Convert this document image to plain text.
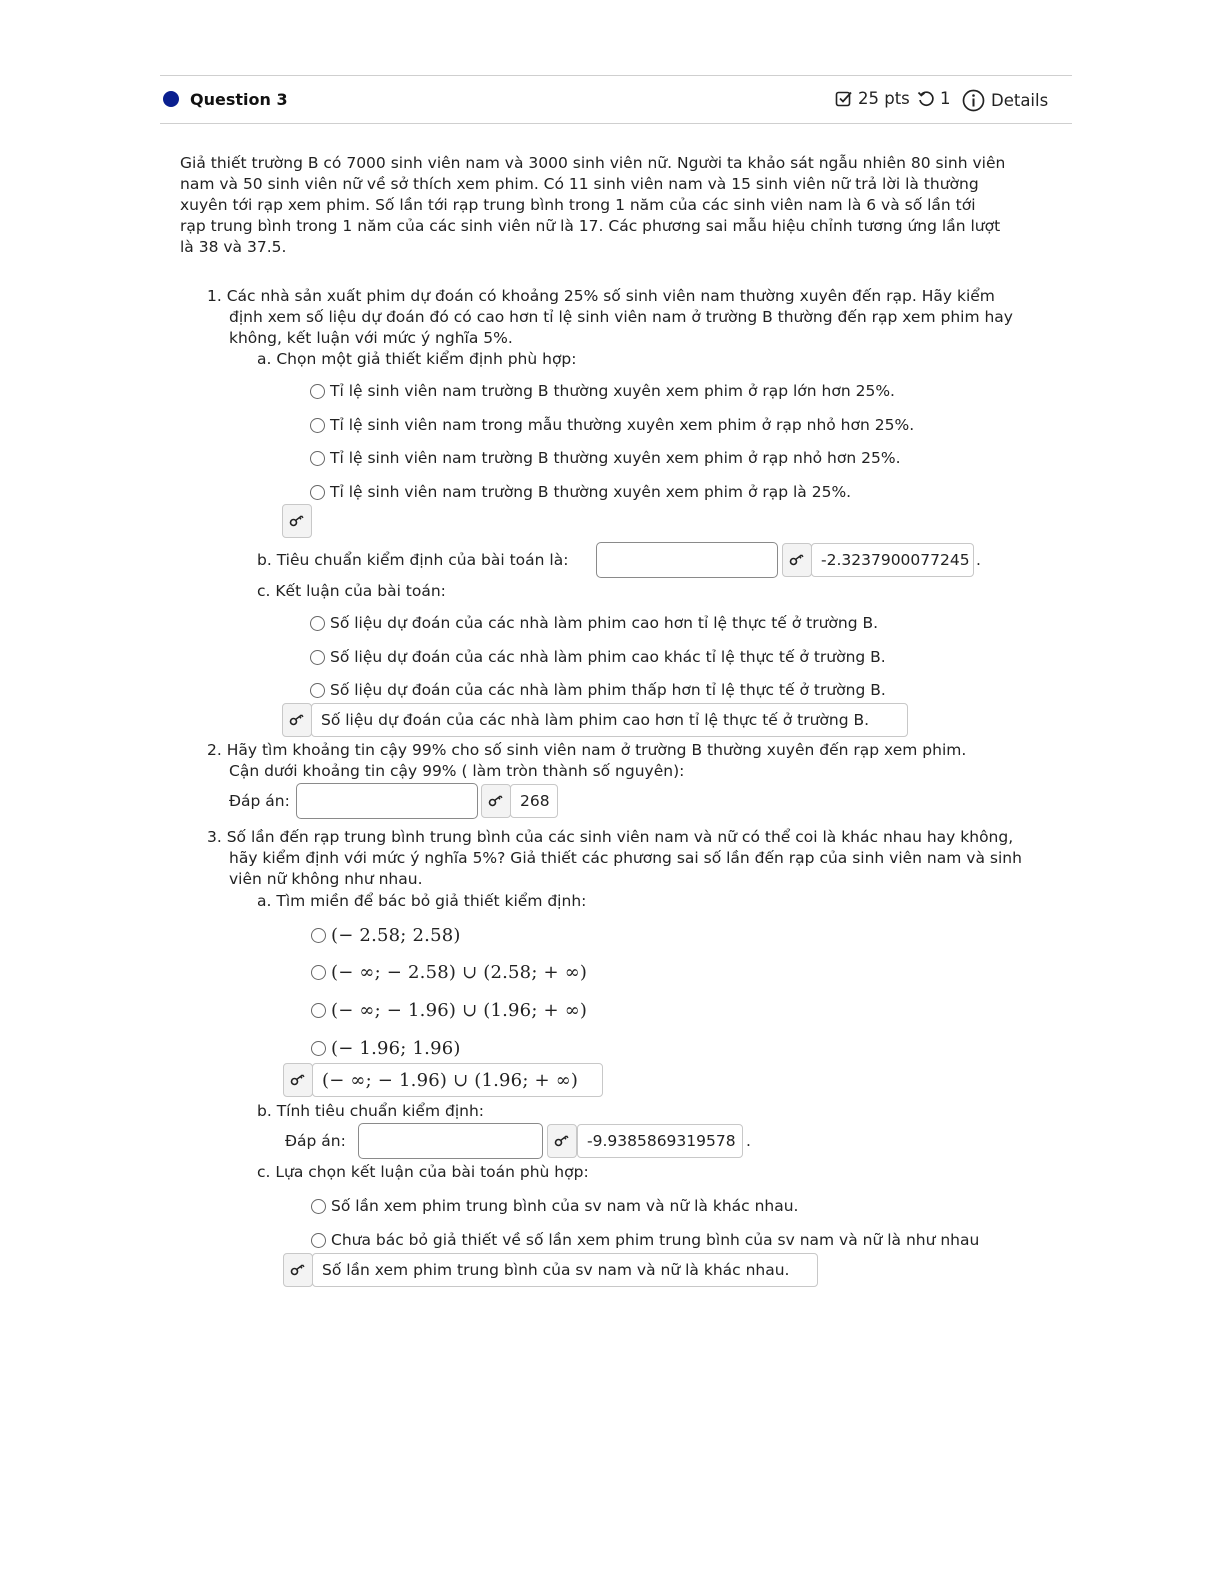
Question 3	25 pts 1 Details
Giả thiết trường B có 7000 sinh viên nam và 3000 sinh viên nữ. Người ta khảo sát ngẫu nhiên 80 sinh viên
nam và 50 sinh viên nữ về sở thích xem phim. Có 11 sinh viên nam và 15 sinh viên nữ trả lời là thường
xuyên tới rạp xem phim. Số lần tới rạp trung bình trong 1 năm của các sinh viên nam là 6 và số lần tới
rạp trung bình trong 1 năm của các sinh viên nữ là 17. Các phương sai mẫu hiệu chỉnh tương ứng lần lượt
là 38 và 37.5.
1. Các nhà sản xuất phim dự đoán có khoảng 25% số sinh viên nam thường xuyên đến rạp. Hãy kiểm
định xem số liệu dự đoán đó có cao hơn tỉ lệ sinh viên nam ở trường B thường đến rạp xem phim hay
không, kết luận với mức ý nghĩa 5%.
a. Chọn một giả thiết kiểm định phù hợp:
Tỉ lệ sinh viên nam trường B thường xuyên xem phim ở rạp lớn hơn 25%.
Tỉ lệ sinh viên nam trong mẫu thường xuyên xem phim ở rạp nhỏ hơn 25%.
Tỉ lệ sinh viên nam trường B thường xuyên xem phim ở rạp nhỏ hơn 25%.
Tỉ lệ sinh viên nam trường B thường xuyên xem phim ở rạp là 25%.
b. Tiêu chuẩn kiểm định của bài toán là:	-2.3237900077245 .
c. Kết luận của bài toán:
Số liệu dự đoán của các nhà làm phim cao hơn tỉ lệ thực tế ở trường B.
Số liệu dự đoán của các nhà làm phim cao khác tỉ lệ thực tế ở trường B.
Số liệu dự đoán của các nhà làm phim thấp hơn tỉ lệ thực tế ở trường B.
Số liệu dự đoán của các nhà làm phim cao hơn tỉ lệ thực tế ở trường B.
2. Hãy tìm khoảng tin cậy 99% cho số sinh viên nam ở trường B thường xuyên đến rạp xem phim.
Cận dưới khoảng tin cậy 99% ( làm tròn thành số nguyên):
Đáp án:	268
3. Số lần đến rạp trung bình trung bình của các sinh viên nam và nữ có thể coi là khác nhau hay không,
hãy kiểm định với mức ý nghĩa 5%? Giả thiết các phương sai số lần đến rạp của sinh viên nam và sinh
viên nữ không như nhau.
a. Tìm miền để bác bỏ giả thiết kiểm định:
(− 2.58; 2.58)
(− ∞; − 2.58) ∪ (2.58; + ∞)
(− ∞; − 1.96) ∪ (1.96; + ∞)
(− 1.96; 1.96)
(− ∞; − 1.96) ∪ (1.96; + ∞)
b. Tính tiêu chuẩn kiểm định:
Đáp án:	-9.9385869319578 .
c. Lựa chọn kết luận của bài toán phù hợp:
Số lần xem phim trung bình của sv nam và nữ là khác nhau.
Chưa bác bỏ giả thiết về số lần xem phim trung bình của sv nam và nữ là như nhau
Số lần xem phim trung bình của sv nam và nữ là khác nhau.
